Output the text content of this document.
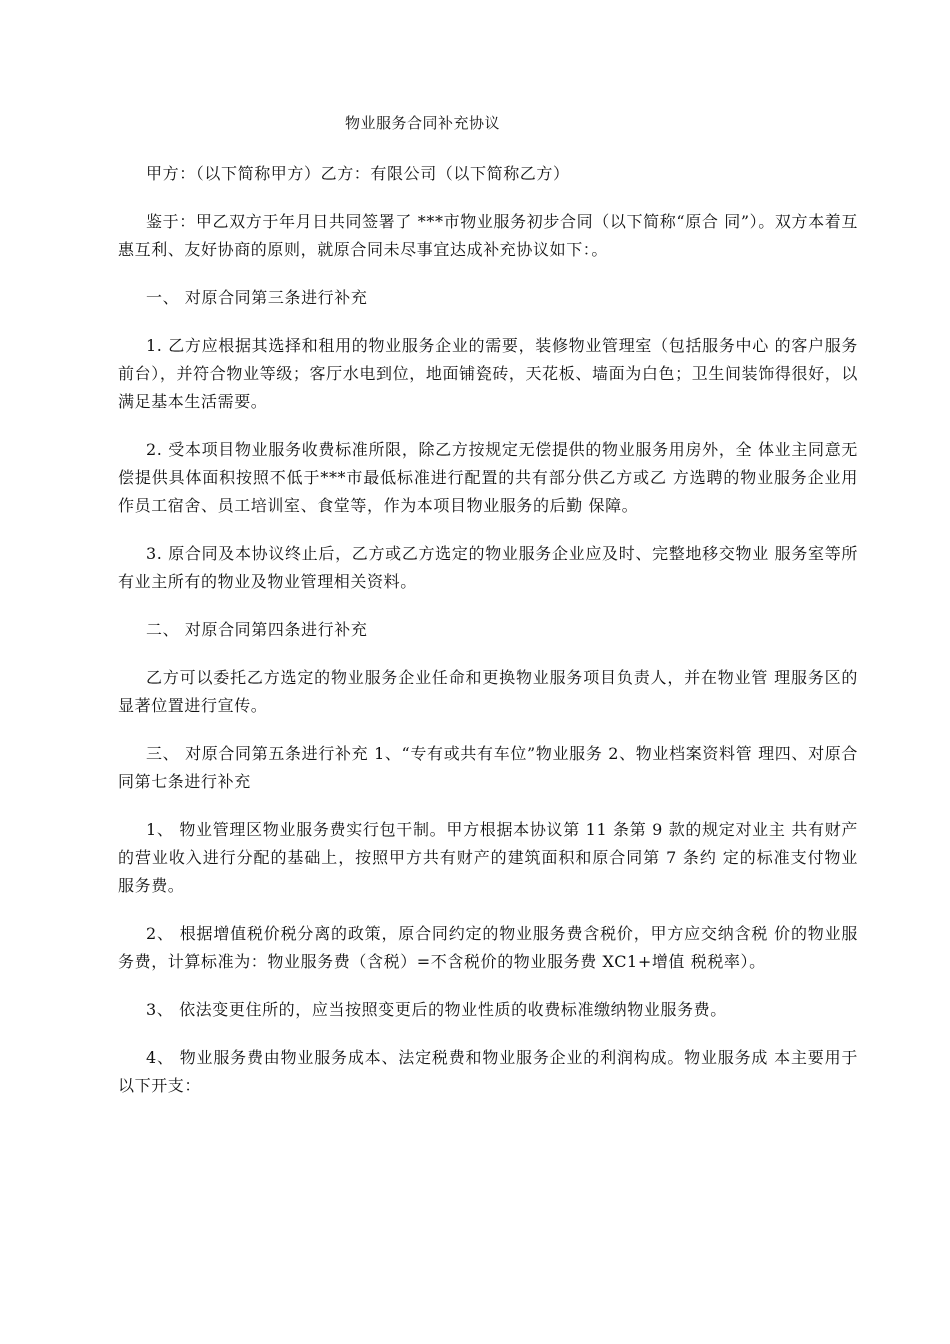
物业服务合同补充协议

甲方：（以下简称甲方）乙方：有限公司（以下简称乙方）

鉴于：甲乙双方于年月日共同签署了 ***市物业服务初步合同（以下简称“原合 同”）。双方本着互惠互利、友好协商的原则，就原合同未尽事宜达成补充协议如下：。

一、 对原合同第三条进行补充

1. 乙方应根据其选择和租用的物业服务企业的需要，装修物业管理室（包括服务中心 的客户服务前台），并符合物业等级；客厅水电到位，地面铺瓷砖，天花板、墙面为白色；卫生间装饰得很好，以满足基本生活需要。

2. 受本项目物业服务收费标准所限，除乙方按规定无偿提供的物业服务用房外，全 体业主同意无偿提供具体面积按照不低于***市最低标准进行配置的共有部分供乙方或乙 方选聘的物业服务企业用作员工宿舍、员工培训室、食堂等，作为本项目物业服务的后勤 保障。

3. 原合同及本协议终止后，乙方或乙方选定的物业服务企业应及时、完整地移交物业 服务室等所有业主所有的物业及物业管理相关资料。

二、 对原合同第四条进行补充

乙方可以委托乙方选定的物业服务企业任命和更换物业服务项目负责人，并在物业管 理服务区的显著位置进行宣传。

三、 对原合同第五条进行补充 1、“专有或共有车位”物业服务 2、物业档案资料管 理四、对原合同第七条进行补充

1、 物业管理区物业服务费实行包干制。甲方根据本协议第 11 条第 9 款的规定对业主 共有财产的营业收入进行分配的基础上，按照甲方共有财产的建筑面积和原合同第 7 条约 定的标准支付物业服务费。

2、 根据增值税价税分离的政策，原合同约定的物业服务费含税价，甲方应交纳含税 价的物业服务费，计算标准为：物业服务费（含税）=不含税价的物业服务费 XC1+增值 税税率）。

3、 依法变更住所的，应当按照变更后的物业性质的收费标准缴纳物业服务费。

4、 物业服务费由物业服务成本、法定税费和物业服务企业的利润构成。物业服务成 本主要用于以下开支：
